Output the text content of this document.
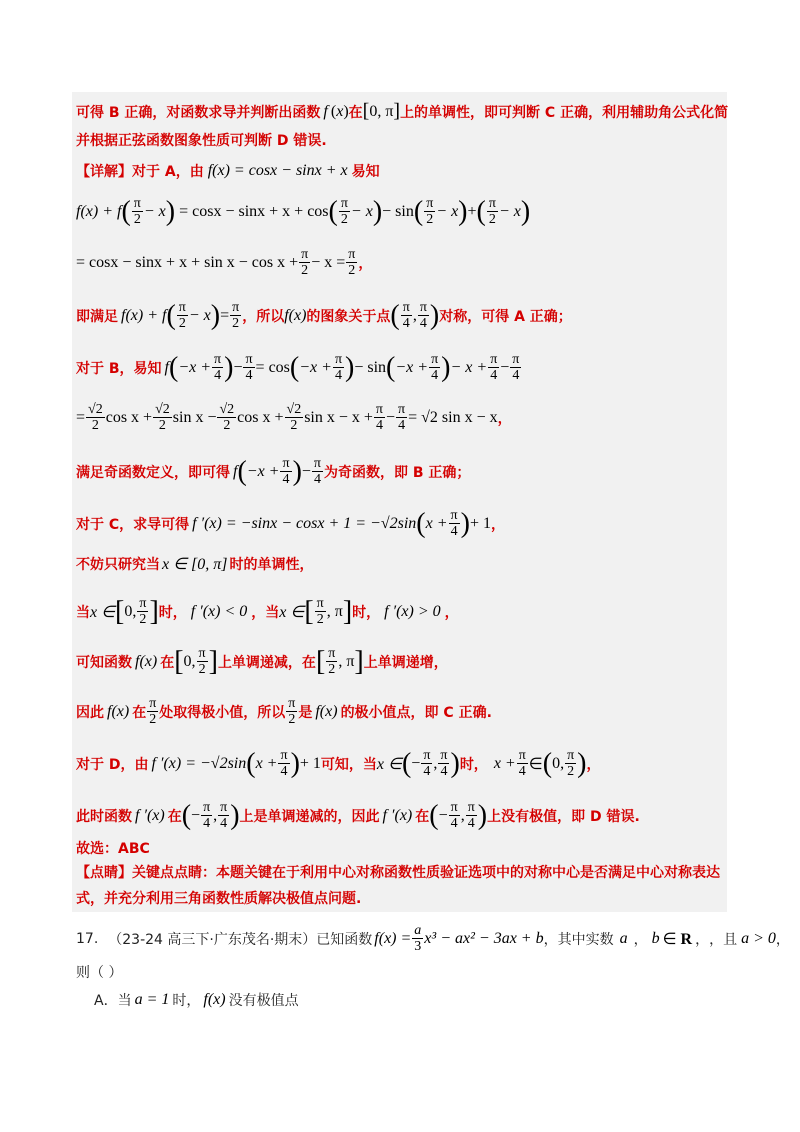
可得 B 正确，对函数求导并判断出函数 f ( x ) 在 [ 0, π ] 上的单调性，即可判断 C 正确，利用辅助角公式化简
并根据正弦函数图象性质可判断 D 错误.
【详解】对于 A，由 f(x) = cosx − sinx + x 易知
f(x) + f ( $\frac{\pi}{2} - x$ ) = cosx − sinx + x + cos ( $\frac{\pi}{2} - x$ ) − sin ( $\frac{\pi}{2} - x$ ) + ( $\frac{\pi}{2} - x$ )
= $\cos x - \sin x + x + \sin x - \cos x + \frac{\pi}{2} - x = \frac{\pi}{2}$ ，
即满足 f(x) + f ( $\frac{\pi}{2} - x$ ) = $\frac{\pi}{2}$ ，所以 f(x) 的图象关于点 ( $\frac{\pi}{4}$ , $\frac{\pi}{4}$ ) 对称，可得 A 正确；
对于 B，易知 f ( $-x + \frac{\pi}{4}$ ) − $\frac{\pi}{4} = \cos$ ( $-x + \frac{\pi}{4}$ ) − sin ( $-x + \frac{\pi}{4}$ ) − $x + \frac{\pi}{4} - \frac{\pi}{4}$
= $\frac{√2}{2}$ $\cos x + \frac{√2}{2}$ $\sin x - \frac{√2}{2}$ $\cos x + \frac{√2}{2}$ $\sin x - x + \frac{\pi}{4} - \frac{\pi}{4} = √2$ sin x − x ，
满足奇函数定义，即可得 f ( $-x + \frac{\pi}{4}$ ) − $\frac{\pi}{4}$ 为奇函数，即 B 正确；
对于 C，求导可得 f ′(x) = −sinx − cosx + 1 = −√2sin ( $x + \frac{\pi}{4}$ ) + 1 ，
不妨只研究当 x ∈ [0, π] 时的单调性，
当 x ∈ [ 0, $\frac{\pi}{2}$ ] 时， f ′(x) < 0 ， 当 x ∈ [ $\frac{\pi}{2}$ , π ] 时， f ′(x) > 0 ，
可知函数 f(x) 在 [ 0, $\frac{\pi}{2}$ ] 上单调递减，在 [ $\frac{\pi}{2}$ , π ] 上单调递增，
因此 f(x) 在 $\frac{\pi}{2}$ 处取得极小值，所以 $\frac{\pi}{2}$ 是 f(x) 的极小值点，即 C 正确.
对于 D，由 f ′(x) = −√2sin ( $x + \frac{\pi}{4}$ ) + 1 可知，当 x ∈ ( − $\frac{\pi}{4}$ , $\frac{\pi}{4}$ ) 时， $x + \frac{\pi}{4}$ ∈ ( 0, $\frac{\pi}{2}$ ) ，
此时函数 f ′(x) 在 ( − $\frac{\pi}{4}$ , $\frac{\pi}{4}$ ) 上是单调递减的，因此 f ′(x) 在 ( − $\frac{\pi}{4}$ , $\frac{\pi}{4}$ ) 上没有极值，即 D 错误.
故选：ABC
【点睛】关键点点睛：本题关键在于利用中心对称函数性质验证选项中的对称中心是否满足中心对称表达
式，并充分利用三角函数性质解决极值点问题.
17. （23-24 高三下·广东茂名·期末）已知函数 $f(x) = \frac{a}{3} x^3 - ax^2 - 3ax + b$ ，其中实数 a ， b ∈ R ， ，且 a > 0 ，
则（ ）
A．当 a = 1 时， f(x) 没有极值点
